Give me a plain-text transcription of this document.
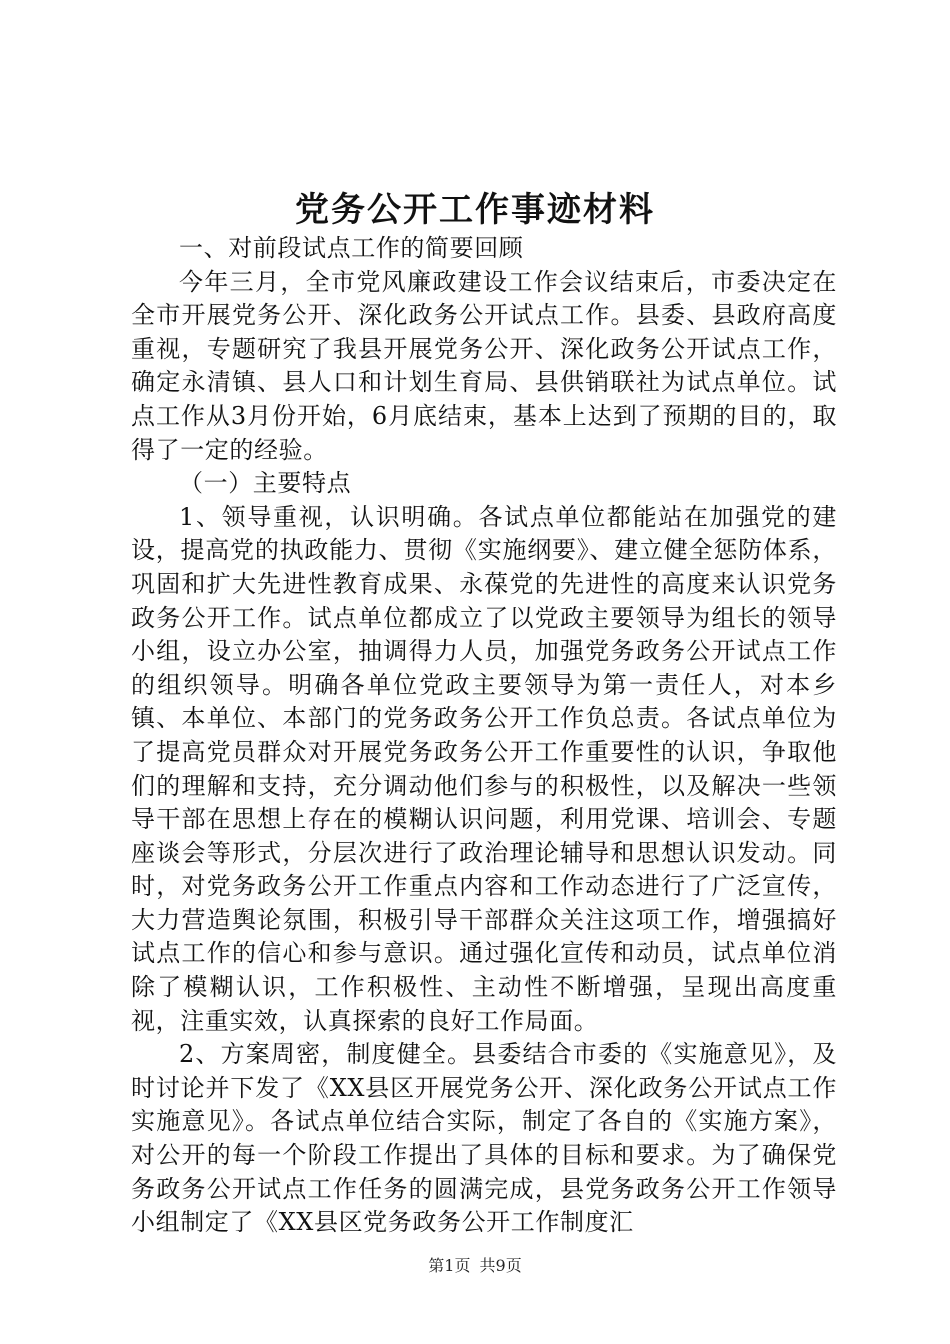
党务公开工作事迹材料

一、对前段试点工作的简要回顾

今年三月，全市党风廉政建设工作会议结束后，市委决定在全市开展党务公开、深化政务公开试点工作。县委、县政府高度重视，专题研究了我县开展党务公开、深化政务公开试点工作，确定永清镇、县人口和计划生育局、县供销联社为试点单位。试点工作从3月份开始，6月底结束，基本上达到了预期的目的，取得了一定的经验。

（一）主要特点

1、领导重视，认识明确。各试点单位都能站在加强党的建设，提高党的执政能力、贯彻《实施纲要》、建立健全惩防体系，巩固和扩大先进性教育成果、永葆党的先进性的高度来认识党务政务公开工作。试点单位都成立了以党政主要领导为组长的领导小组，设立办公室，抽调得力人员，加强党务政务公开试点工作的组织领导。明确各单位党政主要领导为第一责任人，对本乡镇、本单位、本部门的党务政务公开工作负总责。各试点单位为了提高党员群众对开展党务政务公开工作重要性的认识，争取他们的理解和支持，充分调动他们参与的积极性，以及解决一些领导干部在思想上存在的模糊认识问题，利用党课、培训会、专题座谈会等形式，分层次进行了政治理论辅导和思想认识发动。同时，对党务政务公开工作重点内容和工作动态进行了广泛宣传，大力营造舆论氛围，积极引导干部群众关注这项工作，增强搞好试点工作的信心和参与意识。通过强化宣传和动员，试点单位消除了模糊认识，工作积极性、主动性不断增强，呈现出高度重视，注重实效，认真探索的良好工作局面。

2、方案周密，制度健全。县委结合市委的《实施意见》，及时讨论并下发了《XX县区开展党务公开、深化政务公开试点工作实施意见》。各试点单位结合实际，制定了各自的《实施方案》，对公开的每一个阶段工作提出了具体的目标和要求。为了确保党务政务公开试点工作任务的圆满完成，县党务政务公开工作领导小组制定了《XX县区党务政务公开工作制度汇

第1页 共9页
